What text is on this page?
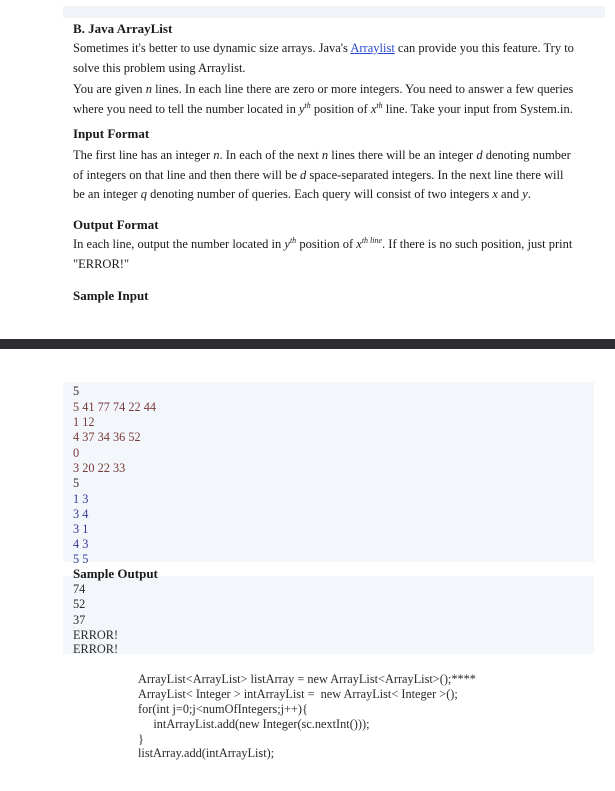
B. Java ArrayList

Sometimes it's better to use dynamic size arrays. Java's Arraylist can provide you this feature. Try to
solve this problem using Arraylist.

You are given n lines. In each line there are zero or more integers. You need to answer a few queries
where you need to tell the number located in $y^{th}$ position of $x^{th}$ line. Take your input from System.in.

Input Format

The first line has an integer n. In each of the next n lines there will be an integer d denoting number
of integers on that line and then there will be d space-separated integers. In the next line there will
be an integer q denoting number of queries. Each query will consist of two integers x and y.

Output Format

In each line, output the number located in $y^{th}$ position of $x^{th line}$. If there is no such position, just print
"ERROR!"

Sample Input
5
5 41 77 74 22 44
1 12
4 37 34 36 52
0
3 20 22 33
5
1 3
3 4
3 1
4 3
5 5
Sample Output
74
52
37
ERROR!
ERROR!
ArrayList<ArrayList> listArray = new ArrayList<ArrayList>();****
ArrayList< Integer > intArrayList =  new ArrayList< Integer >();
for(int j=0;j<numOfIntegers;j++){
intArrayList.add(new Integer(sc.nextInt()));
}
listArray.add(intArrayList);
